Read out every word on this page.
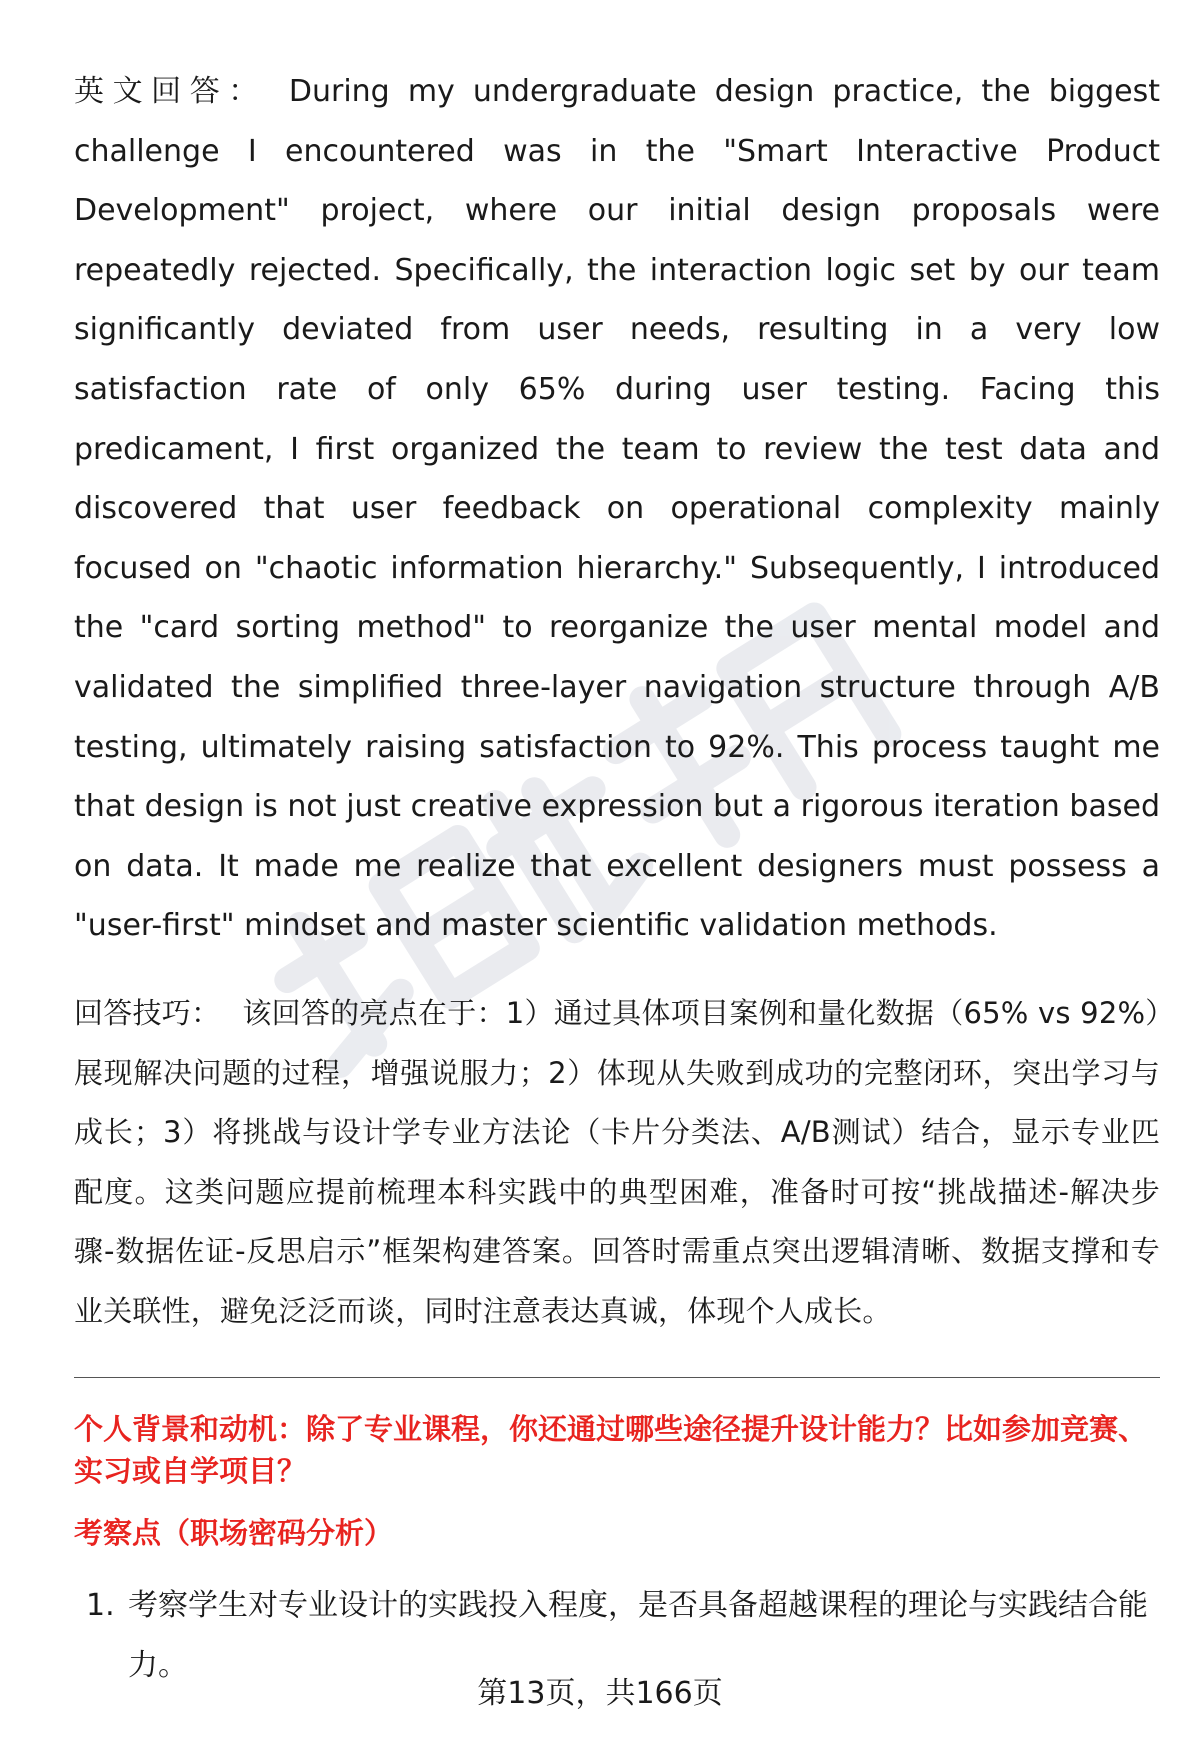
英文回答： During my undergraduate design practice, the biggest challenge I encountered was in the "Smart Interactive Product Development" project, where our initial design proposals were repeatedly rejected. Specifically, the interaction logic set by our team significantly deviated from user needs, resulting in a very low satisfaction rate of only 65% during user testing. Facing this predicament, I first organized the team to review the test data and discovered that user feedback on operational complexity mainly focused on "chaotic information hierarchy." Subsequently, I introduced the "card sorting method" to reorganize the user mental model and validated the simplified three-layer navigation structure through A/B testing, ultimately raising satisfaction to 92%. This process taught me that design is not just creative expression but a rigorous iteration based on data. It made me realize that excellent designers must possess a "user-first" mindset and master scientific validation methods.

回答技巧： 该回答的亮点在于：1）通过具体项目案例和量化数据（65% vs 92%）展现解决问题的过程，增强说服力；2）体现从失败到成功的完整闭环，突出学习与成长；3）将挑战与设计学专业方法论（卡片分类法、A/B测试）结合，显示专业匹配度。这类问题应提前梳理本科实践中的典型困难，准备时可按“挑战描述-解决步骤-数据佐证-反思启示”框架构建答案。回答时需重点突出逻辑清晰、数据支撑和专业关联性，避免泛泛而谈，同时注意表达真诚，体现个人成长。

个人背景和动机：除了专业课程，你还通过哪些途径提升设计能力？比如参加竞赛、实习或自学项目？
考察点（职场密码分析）
1. 考察学生对专业设计的实践投入程度，是否具备超越课程的理论与实践结合能力。
第13页，共166页
